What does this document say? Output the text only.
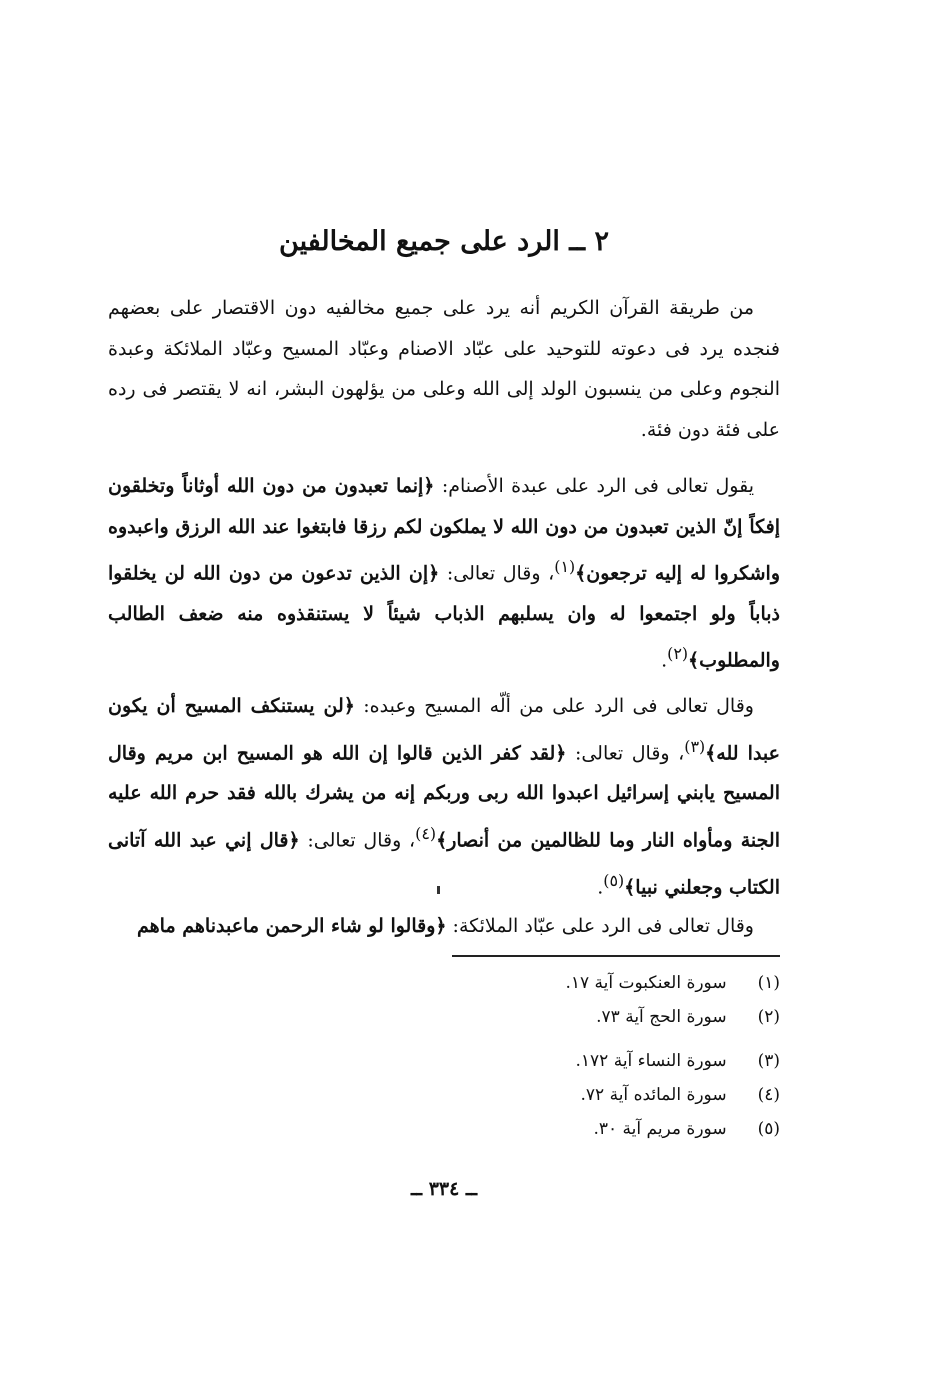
٢ ــ الرد على جميع المخالفين

من طريقة القرآن الكريم أنه يرد على جميع مخالفيه دون الاقتصار على بعضهم فنجده يرد فى دعوته للتوحيد على عبّاد الاصنام وعبّاد المسيح وعبّاد الملائكة وعبدة النجوم وعلى من ينسبون الولد إلى الله وعلى من يؤلهون البشر، انه لا يقتصر فى رده على فئة دون فئة.

يقول تعالى فى الرد على عبدة الأصنام: ﴿إنما تعبدون من دون الله أوثاناً وتخلقون إفكاً إنّ الذين تعبدون من دون الله لا يملكون لكم رزقا فابتغوا عند الله الرزق واعبدوه واشكروا له إليه ترجعون﴾$^{(١)}$، وقال تعالى: ﴿إن الذين تدعون من دون الله لن يخلقوا ذباباً ولو اجتمعوا له وان يسلبهم الذباب شيئاً لا يستنقذوه منه ضعف الطالب والمطلوب﴾$^{(٢)}$.

وقال تعالى فى الرد على من ألّه المسيح وعبده: ﴿لن يستنكف المسيح أن يكون عبدا لله﴾$^{(٣)}$، وقال تعالى: ﴿لقد كفر الذين قالوا إن الله هو المسيح ابن مريم وقال المسيح يابني إسرائيل اعبدوا الله ربى وربكم إنه من يشرك بالله فقد حرم الله عليه الجنة ومأواه النار وما للظالمين من أنصار﴾$^{(٤)}$، وقال تعالى: ﴿قال إني عبد الله آتانى الكتاب وجعلني نبيا﴾$^{(٥)}$.

وقال تعالى فى الرد على عبّاد الملائكة: ﴿وقالوا لو شاء الرحمن ماعبدناهم ماهم

(١) سورة العنكبوت آية ١٧.
(٢) سورة الحج آية ٧٣.
(٣) سورة النساء آية ١٧٢.
(٤) سورة المائده آية ٧٢.
(٥) سورة مريم آية ٣٠.
ــ ٣٣٤ ــ
